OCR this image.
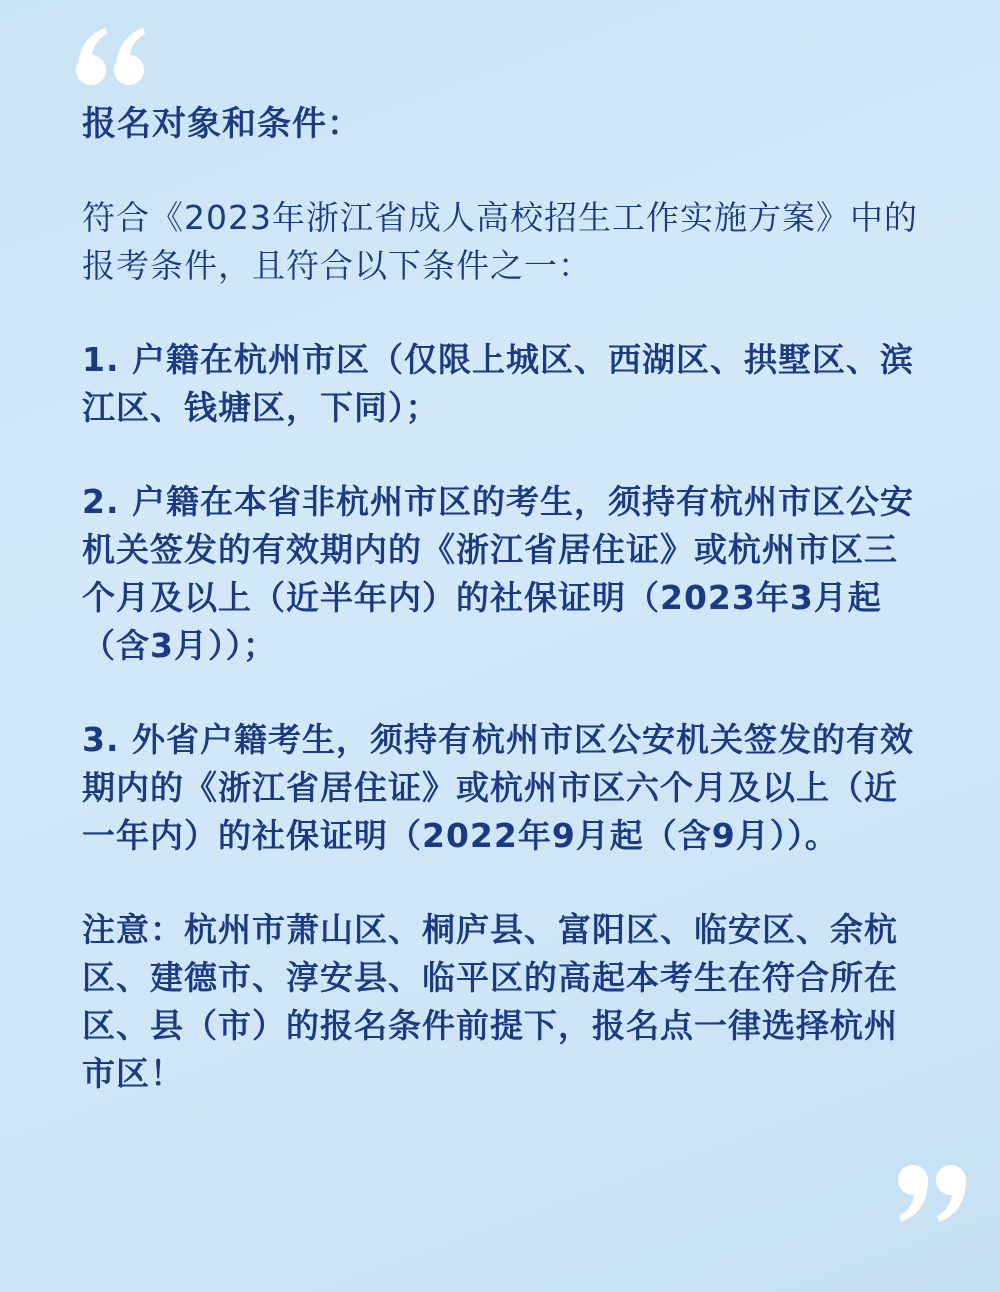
报名对象和条件：

符合《2023年浙江省成人高校招生工作实施方案》中的报考条件，且符合以下条件之一：

1. 户籍在杭州市区（仅限上城区、西湖区、拱墅区、滨江区、钱塘区，下同）；

2. 户籍在本省非杭州市区的考生，须持有杭州市区公安机关签发的有效期内的《浙江省居住证》或杭州市区三个月及以上（近半年内）的社保证明（2023年3月起（含3月））；

3. 外省户籍考生，须持有杭州市区公安机关签发的有效期内的《浙江省居住证》或杭州市区六个月及以上（近一年内）的社保证明（2022年9月起（含9月））。

注意：杭州市萧山区、桐庐县、富阳区、临安区、余杭区、建德市、淳安县、临平区的高起本考生在符合所在区、县（市）的报名条件前提下，报名点一律选择杭州市区！
